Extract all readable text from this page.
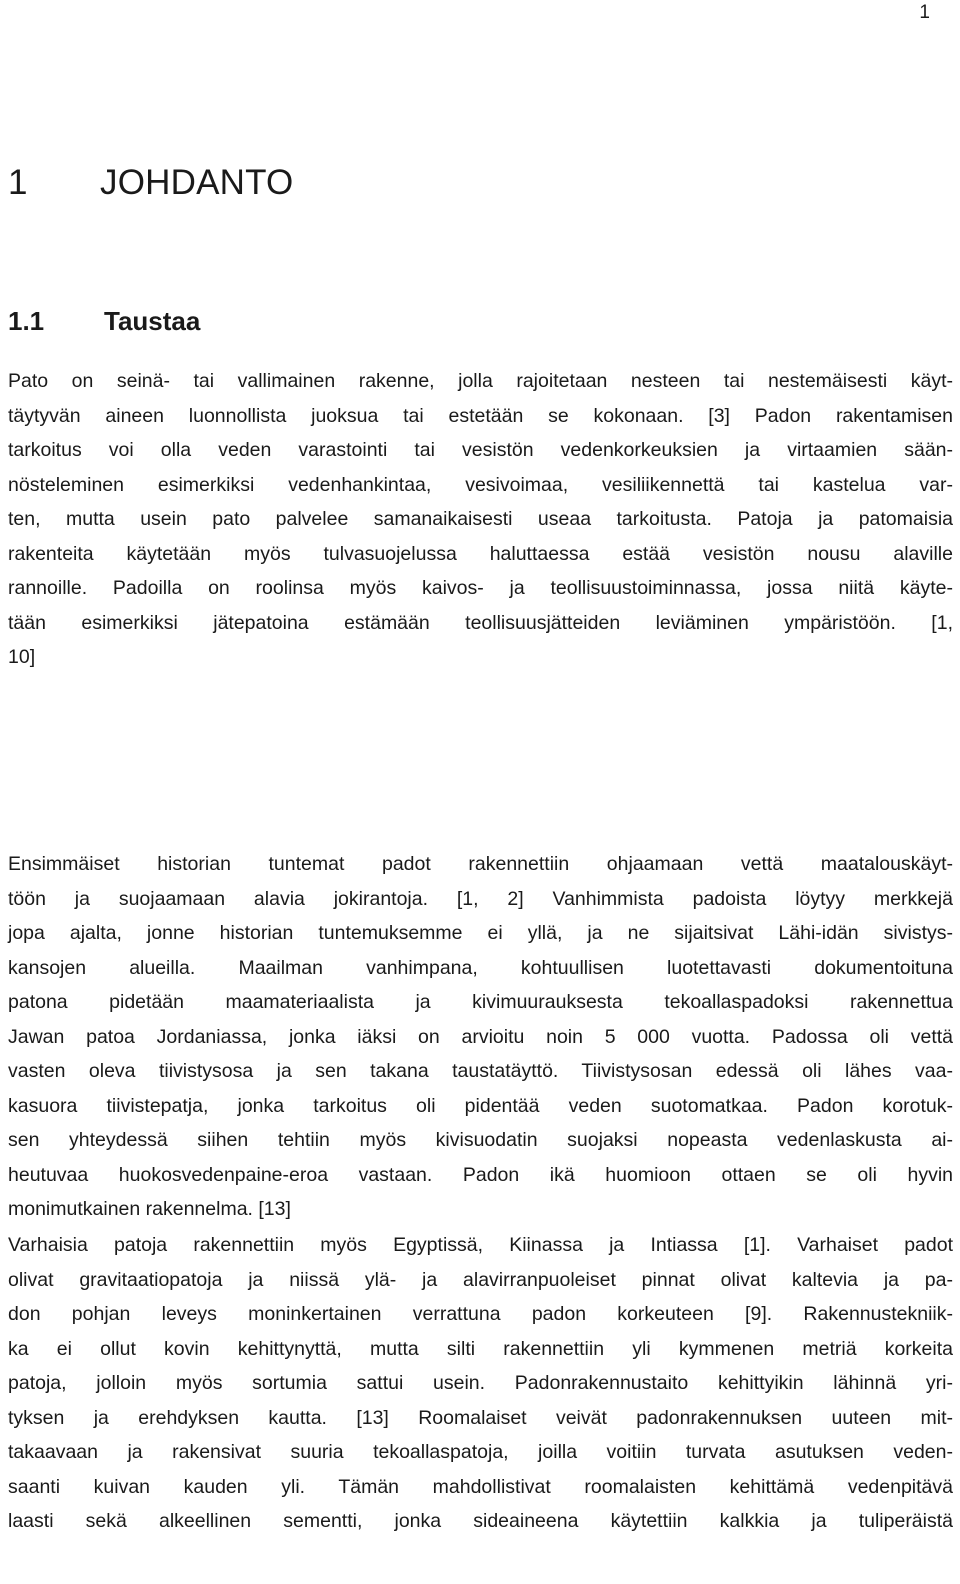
1
1 JOHDANTO
1.1 Taustaa
Pato on seinä- tai vallimainen rakenne, jolla rajoitetaan nesteen tai nestemäisesti käyt-
täytyvän aineen luonnollista juoksua tai estetään se kokonaan. [3] Padon rakentamisen
tarkoitus voi olla veden varastointi tai vesistön vedenkorkeuksien ja virtaamien sään-
nösteleminen esimerkiksi vedenhankintaa, vesivoimaa, vesiliikennettä tai kastelua var-
ten, mutta usein pato palvelee samanaikaisesti useaa tarkoitusta. Patoja ja patomaisia
rakenteita käytetään myös tulvasuojelussa haluttaessa estää vesistön nousu alaville
rannoille. Padoilla on roolinsa myös kaivos- ja teollisuustoiminnassa, jossa niitä käyte-
tään esimerkiksi jätepatoina estämään teollisuusjätteiden leviäminen ympäristöön. [1,
10]
Ensimmäiset historian tuntemat padot rakennettiin ohjaamaan vettä maatalouskäyt-
töön ja suojaamaan alavia jokirantoja. [1, 2] Vanhimmista padoista löytyy merkkejä
jopa ajalta, jonne historian tuntemuksemme ei yllä, ja ne sijaitsivat Lähi-idän sivistys-
kansojen alueilla. Maailman vanhimpana, kohtuullisen luotettavasti dokumentoituna
patona pidetään maamateriaalista ja kivimuurauksesta tekoallaspadoksi rakennettua
Jawan patoa Jordaniassa, jonka iäksi on arvioitu noin 5 000 vuotta. Padossa oli vettä
vasten oleva tiivistysosa ja sen takana taustatäyttö. Tiivistysosan edessä oli lähes vaa-
kasuora tiivistepatja, jonka tarkoitus oli pidentää veden suotomatkaa. Padon korotuk-
sen yhteydessä siihen tehtiin myös kivisuodatin suojaksi nopeasta vedenlaskusta ai-
heutuvaa huokosvedenpaine-eroa vastaan. Padon ikä huomioon ottaen se oli hyvin
monimutkainen rakennelma. [13]
Varhaisia patoja rakennettiin myös Egyptissä, Kiinassa ja Intiassa [1]. Varhaiset padot
olivat gravitaatiopatoja ja niissä ylä- ja alavirranpuoleiset pinnat olivat kaltevia ja pa-
don pohjan leveys moninkertainen verrattuna padon korkeuteen [9]. Rakennustekniik-
ka ei ollut kovin kehittynyttä, mutta silti rakennettiin yli kymmenen metriä korkeita
patoja, jolloin myös sortumia sattui usein. Padonrakennustaito kehittyikin lähinnä yri-
tyksen ja erehdyksen kautta. [13] Roomalaiset veivät padonrakennuksen uuteen mit-
takaavaan ja rakensivat suuria tekoallaspatoja, joilla voitiin turvata asutuksen veden-
saanti kuivan kauden yli. Tämän mahdollistivat roomalaisten kehittämä vedenpitävä
laasti sekä alkeellinen sementti, jonka sideaineena käytettiin kalkkia ja tuliperäistä
